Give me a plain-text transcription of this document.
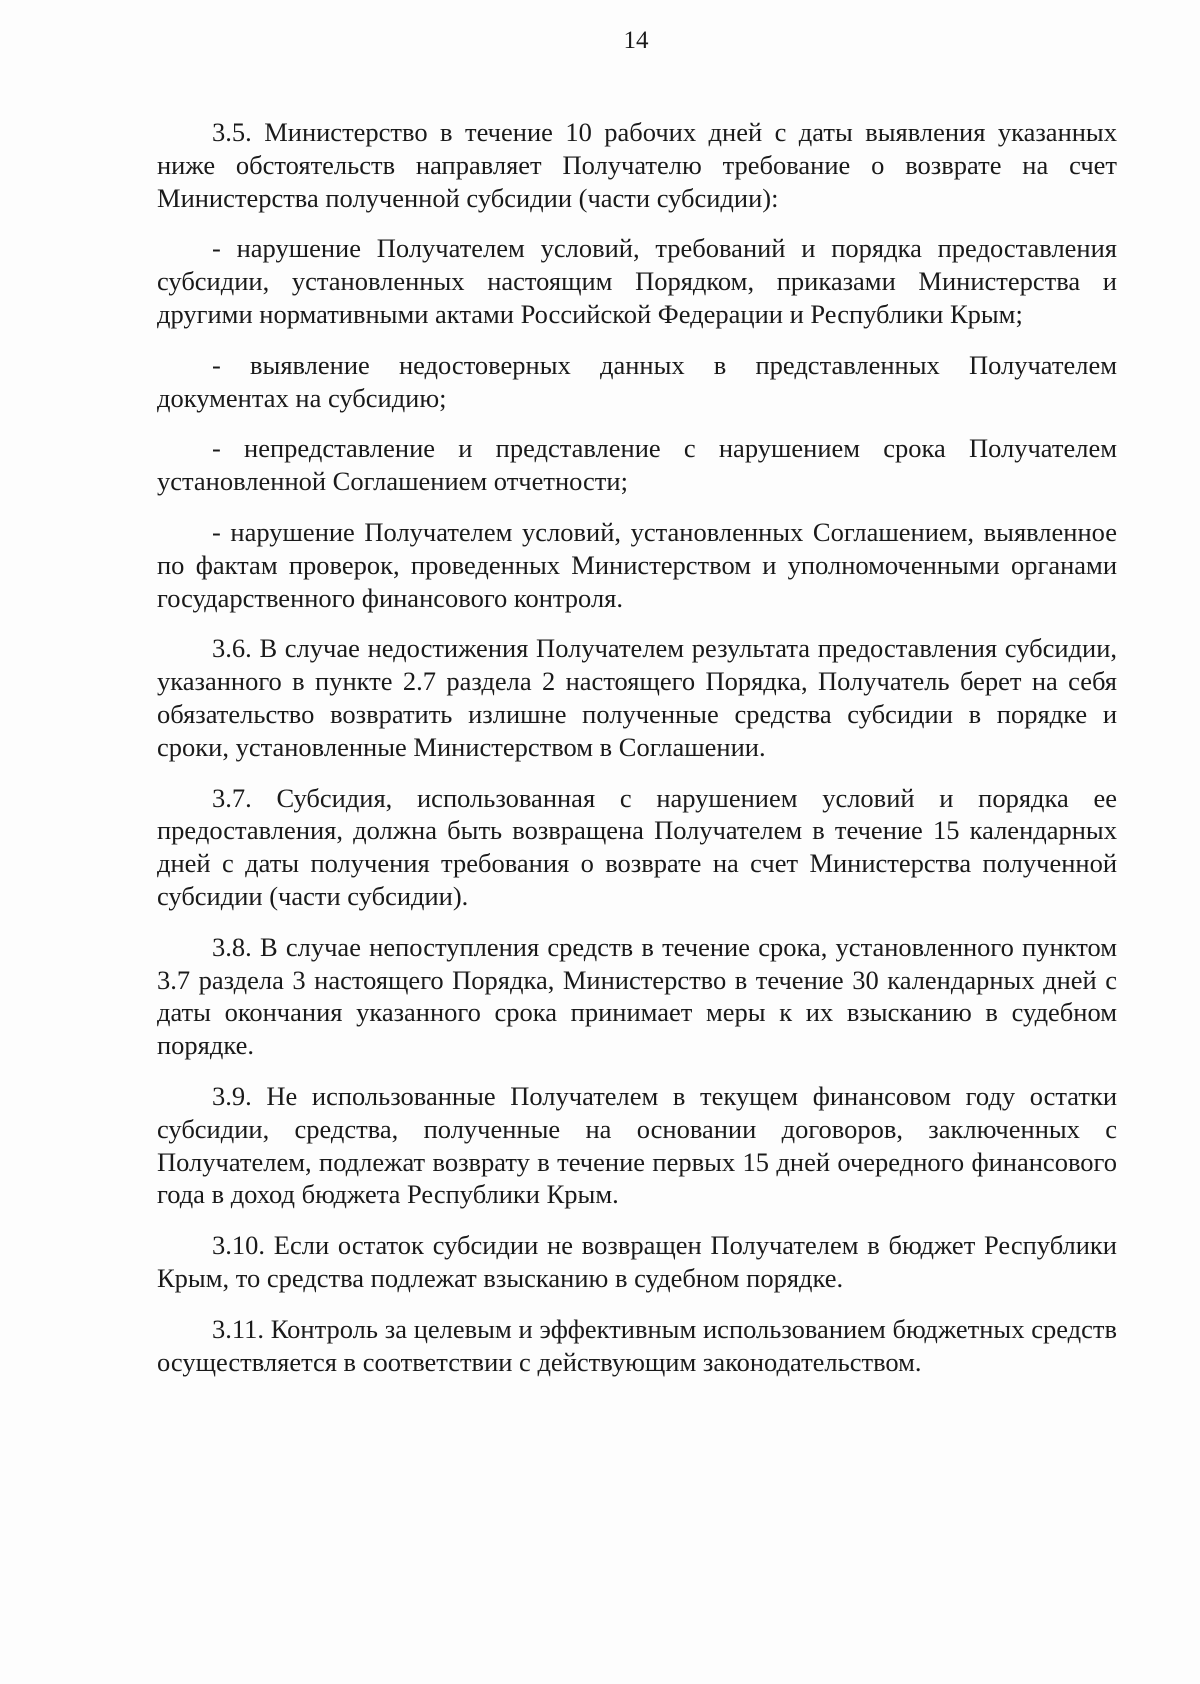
14

3.5. Министерство в течение 10 рабочих дней с даты выявления указанных ниже обстоятельств направляет Получателю требование о возврате на счет Министерства полученной субсидии (части субсидии):

- нарушение Получателем условий, требований и порядка предоставления субсидии, установленных настоящим Порядком, приказами Министерства и другими нормативными актами Российской Федерации и Республики Крым;

- выявление недостоверных данных в представленных Получателем документах на субсидию;

- непредставление и представление с нарушением срока Получателем установленной Соглашением отчетности;

- нарушение Получателем условий, установленных Соглашением, выявленное по фактам проверок, проведенных Министерством и уполномоченными органами государственного финансового контроля.

3.6. В случае недостижения Получателем результата предоставления субсидии, указанного в пункте 2.7 раздела 2 настоящего Порядка, Получатель берет на себя обязательство возвратить излишне полученные средства субсидии в порядке и сроки, установленные Министерством в Соглашении.

3.7. Субсидия, использованная с нарушением условий и порядка ее предоставления, должна быть возвращена Получателем в течение 15 календарных дней с даты получения требования о возврате на счет Министерства полученной субсидии (части субсидии).

3.8. В случае непоступления средств в течение срока, установленного пунктом 3.7 раздела 3 настоящего Порядка, Министерство в течение 30 календарных дней с даты окончания указанного срока принимает меры к их взысканию в судебном порядке.

3.9. Не использованные Получателем в текущем финансовом году остатки субсидии, средства, полученные на основании договоров, заключенных с Получателем, подлежат возврату в течение первых 15 дней очередного финансового года в доход бюджета Республики Крым.

3.10. Если остаток субсидии не возвращен Получателем в бюджет Республики Крым, то средства подлежат взысканию в судебном порядке.

3.11. Контроль за целевым и эффективным использованием бюджетных средств осуществляется в соответствии с действующим законодательством.
